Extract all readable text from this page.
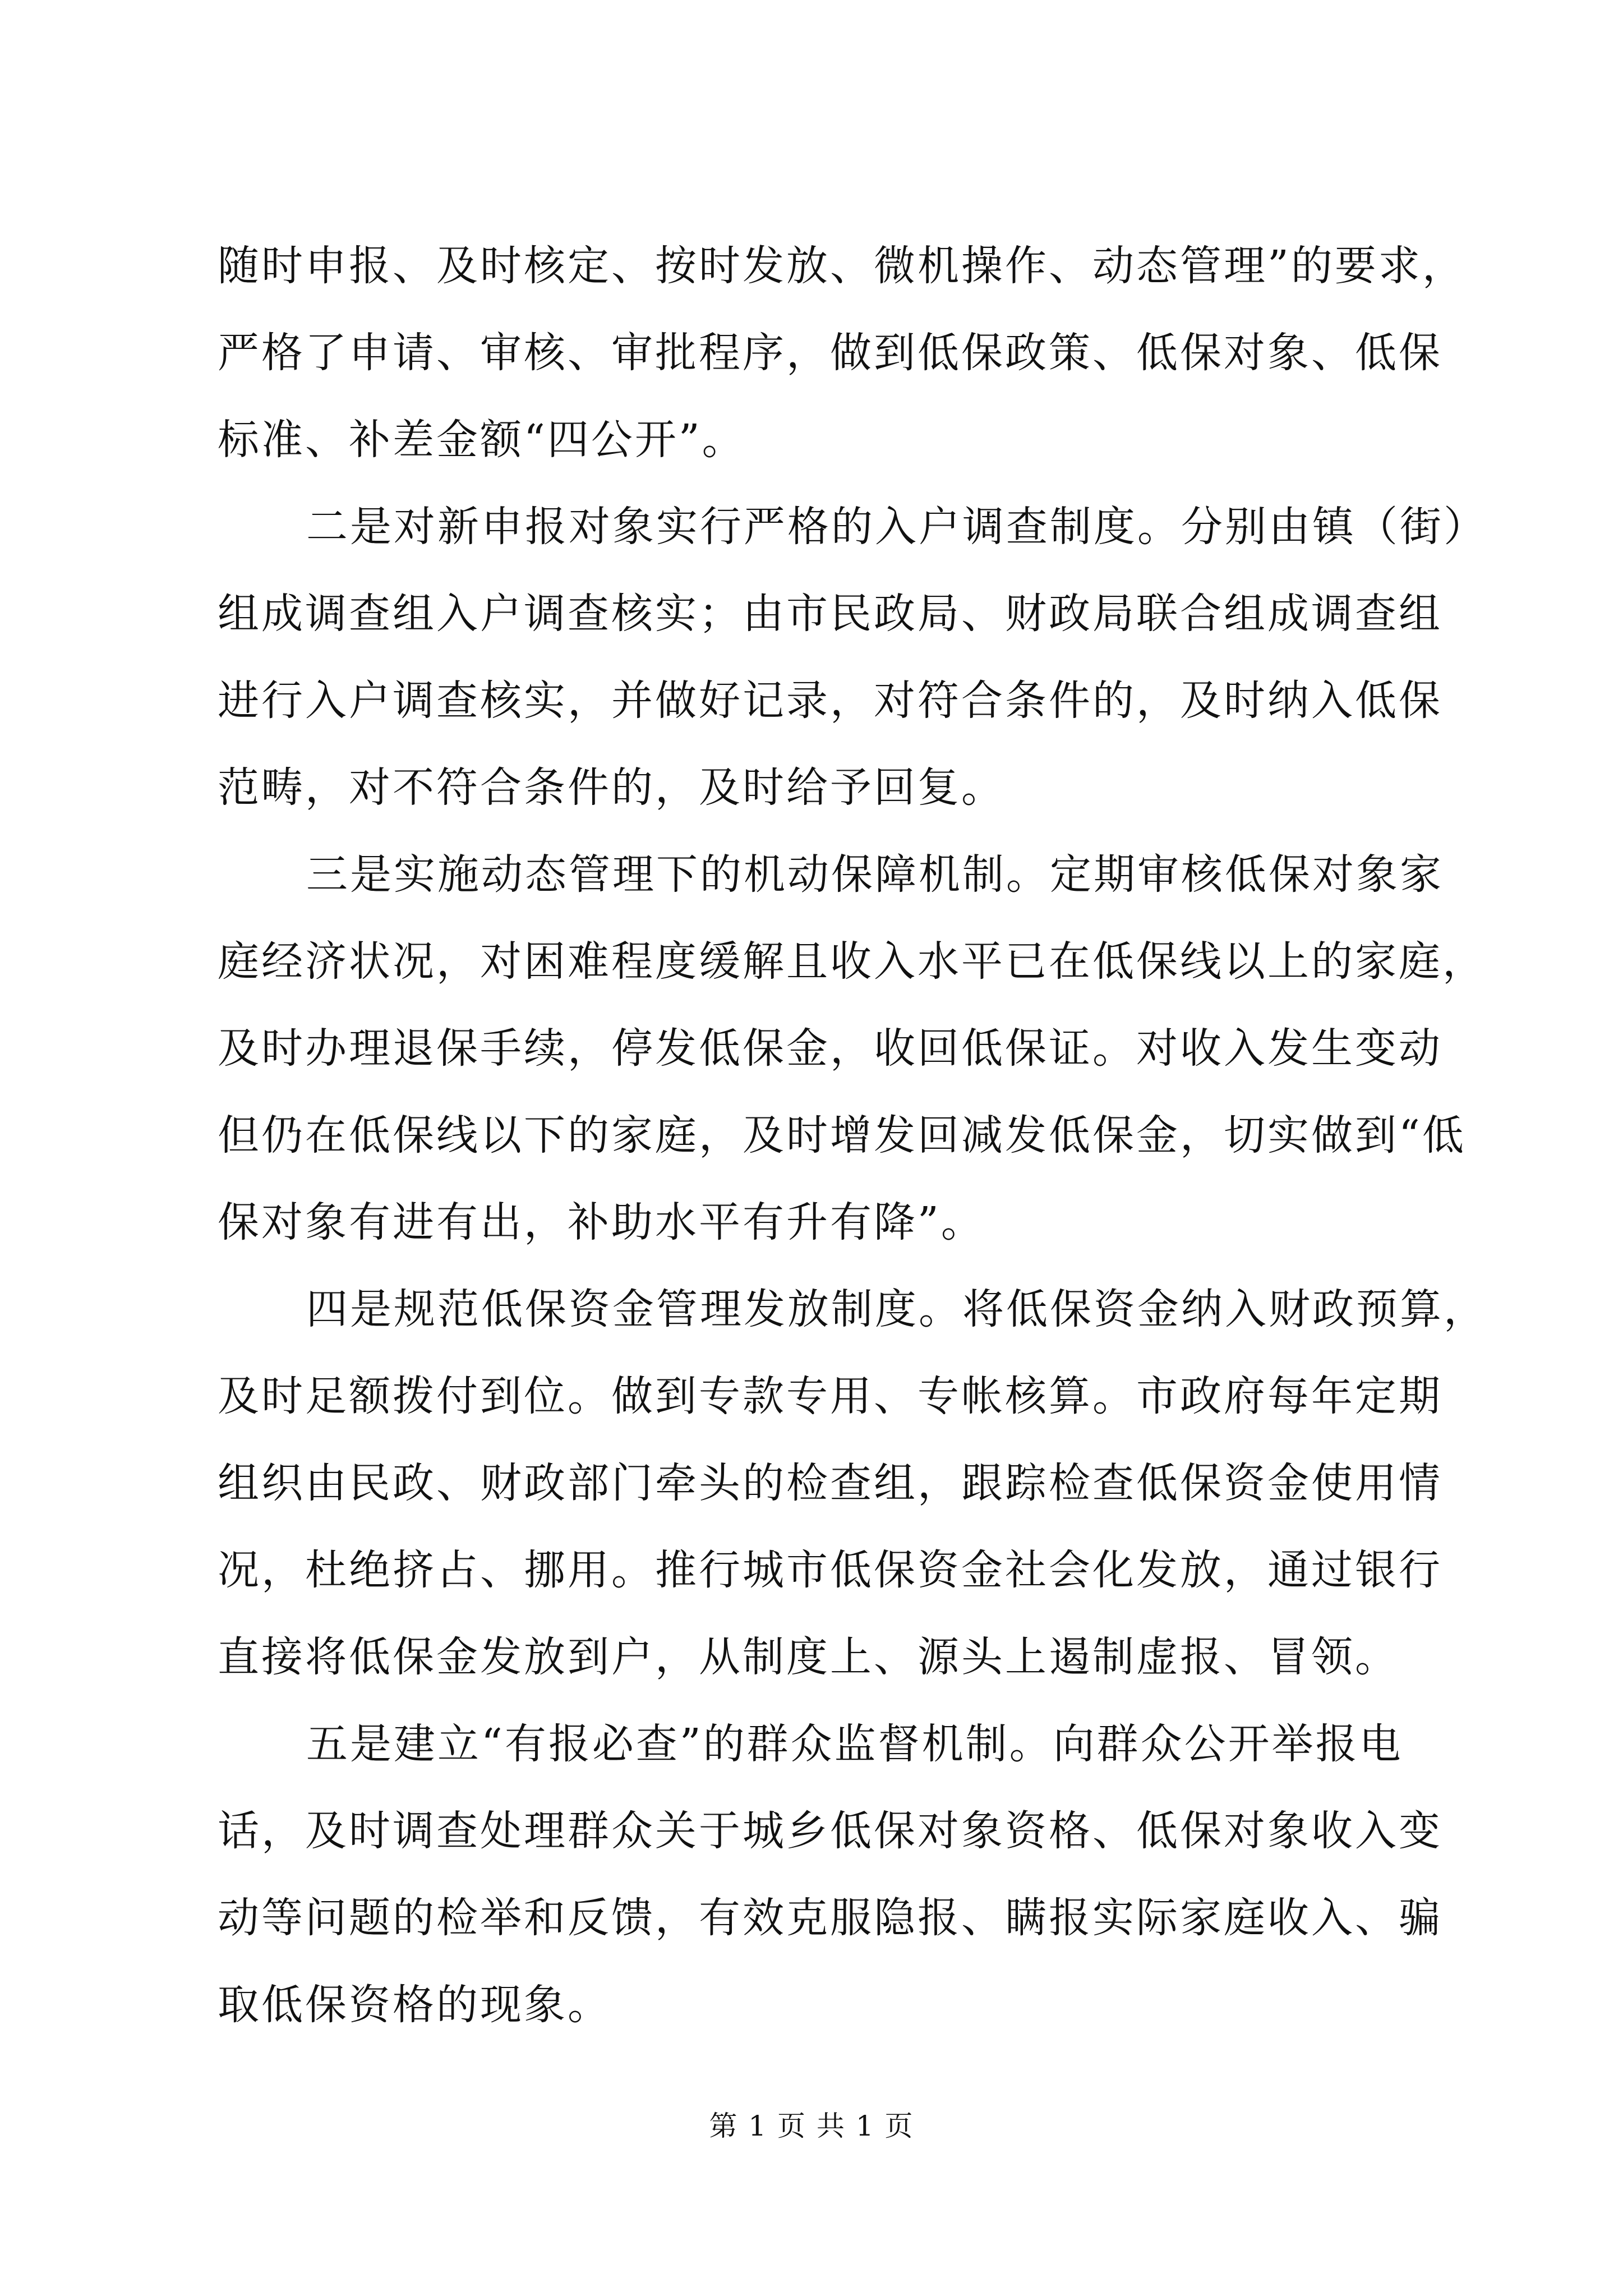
随时申报、及时核定、按时发放、微机操作、动态管理”的要求，
严格了申请、审核、审批程序，做到低保政策、低保对象、低保
标准、补差金额“四公开”。
二是对新申报对象实行严格的入户调查制度。分别由镇（街）
组成调查组入户调查核实；由市民政局、财政局联合组成调查组
进行入户调查核实，并做好记录，对符合条件的，及时纳入低保
范畴，对不符合条件的，及时给予回复。
三是实施动态管理下的机动保障机制。定期审核低保对象家
庭经济状况，对困难程度缓解且收入水平已在低保线以上的家庭，
及时办理退保手续，停发低保金，收回低保证。对收入发生变动
但仍在低保线以下的家庭，及时增发回减发低保金，切实做到“低
保对象有进有出，补助水平有升有降”。
四是规范低保资金管理发放制度。将低保资金纳入财政预算，
及时足额拨付到位。做到专款专用、专帐核算。市政府每年定期
组织由民政、财政部门牵头的检查组，跟踪检查低保资金使用情
况，杜绝挤占、挪用。推行城市低保资金社会化发放，通过银行
直接将低保金发放到户，从制度上、源头上遏制虚报、冒领。
五是建立“有报必查”的群众监督机制。向群众公开举报电
话，及时调查处理群众关于城乡低保对象资格、低保对象收入变
动等问题的检举和反馈，有效克服隐报、瞒报实际家庭收入、骗
取低保资格的现象。
第 1 页 共 1 页
